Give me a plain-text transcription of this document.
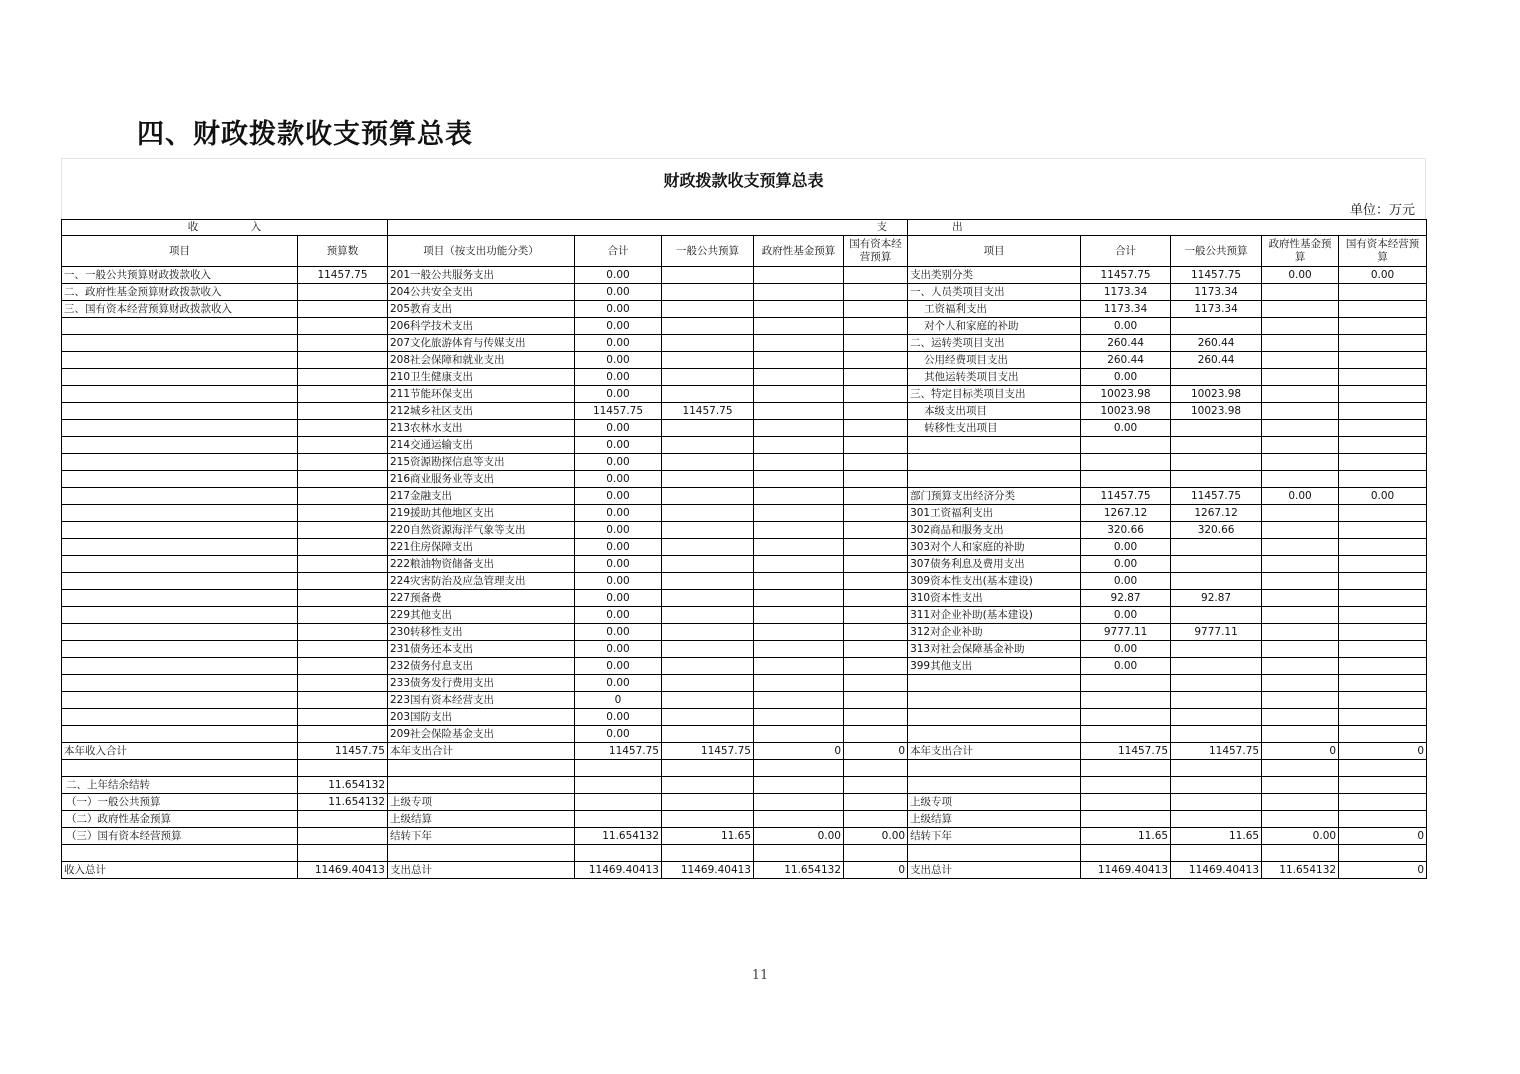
四、财政拨款收支预算总表
财政拨款收支预算总表
单位：万元
收　　　　　入		支					出				
项目	预算数	项目（按支出功能分类）	合计	一般公共预算	政府性基金预算	国有资本经营预算	项目	合计	一般公共预算	政府性基金预算	国有资本经营预算
一、一般公共预算财政拨款收入	11457.75	201一般公共服务支出	0.00				支出类别分类	11457.75	11457.75	0.00	0.00
二、政府性基金预算财政拨款收入		204公共安全支出	0.00				一、人员类项目支出	1173.34	1173.34		
三、国有资本经营预算财政拨款收入		205教育支出	0.00				工资福利支出	1173.34	1173.34		
		206科学技术支出	0.00				对个人和家庭的补助	0.00			
		207文化旅游体育与传媒支出	0.00				二、运转类项目支出	260.44	260.44		
		208社会保障和就业支出	0.00				公用经费项目支出	260.44	260.44		
		210卫生健康支出	0.00				其他运转类项目支出	0.00			
		211节能环保支出	0.00				三、特定目标类项目支出	10023.98	10023.98		
		212城乡社区支出	11457.75	11457.75			本级支出项目	10023.98	10023.98		
		213农林水支出	0.00				转移性支出项目	0.00			
		214交通运输支出	0.00								
		215资源勘探信息等支出	0.00								
		216商业服务业等支出	0.00								
		217金融支出	0.00				部门预算支出经济分类	11457.75	11457.75	0.00	0.00
		219援助其他地区支出	0.00				301工资福利支出	1267.12	1267.12		
		220自然资源海洋气象等支出	0.00				302商品和服务支出	320.66	320.66		
		221住房保障支出	0.00				303对个人和家庭的补助	0.00			
		222粮油物资储备支出	0.00				307债务利息及费用支出	0.00			
		224灾害防治及应急管理支出	0.00				309资本性支出(基本建设)	0.00			
		227预备费	0.00				310资本性支出	92.87	92.87		
		229其他支出	0.00				311对企业补助(基本建设)	0.00			
		230转移性支出	0.00				312对企业补助	9777.11	9777.11		
		231债务还本支出	0.00				313对社会保障基金补助	0.00			
		232债务付息支出	0.00				399其他支出	0.00			
		233债务发行费用支出	0.00								
		223国有资本经营支出	0								
		203国防支出	0.00								
		209社会保险基金支出	0.00								
本年收入合计	11457.75	本年支出合计	11457.75	11457.75	0	0	本年支出合计	11457.75	11457.75	0	0

二、上年结余结转	11.654132										
（一）一般公共预算	11.654132	上级专项					上级专项				
（二）政府性基金预算		上级结算					上级结算				
（三）国有资本经营预算		结转下年	11.654132	11.65	0.00	0.00	结转下年	11.65	11.65	0.00	0

收入总计	11469.40413	支出总计	11469.40413	11469.40413	11.654132	0	支出总计	11469.40413	11469.40413	11.654132	0
11
